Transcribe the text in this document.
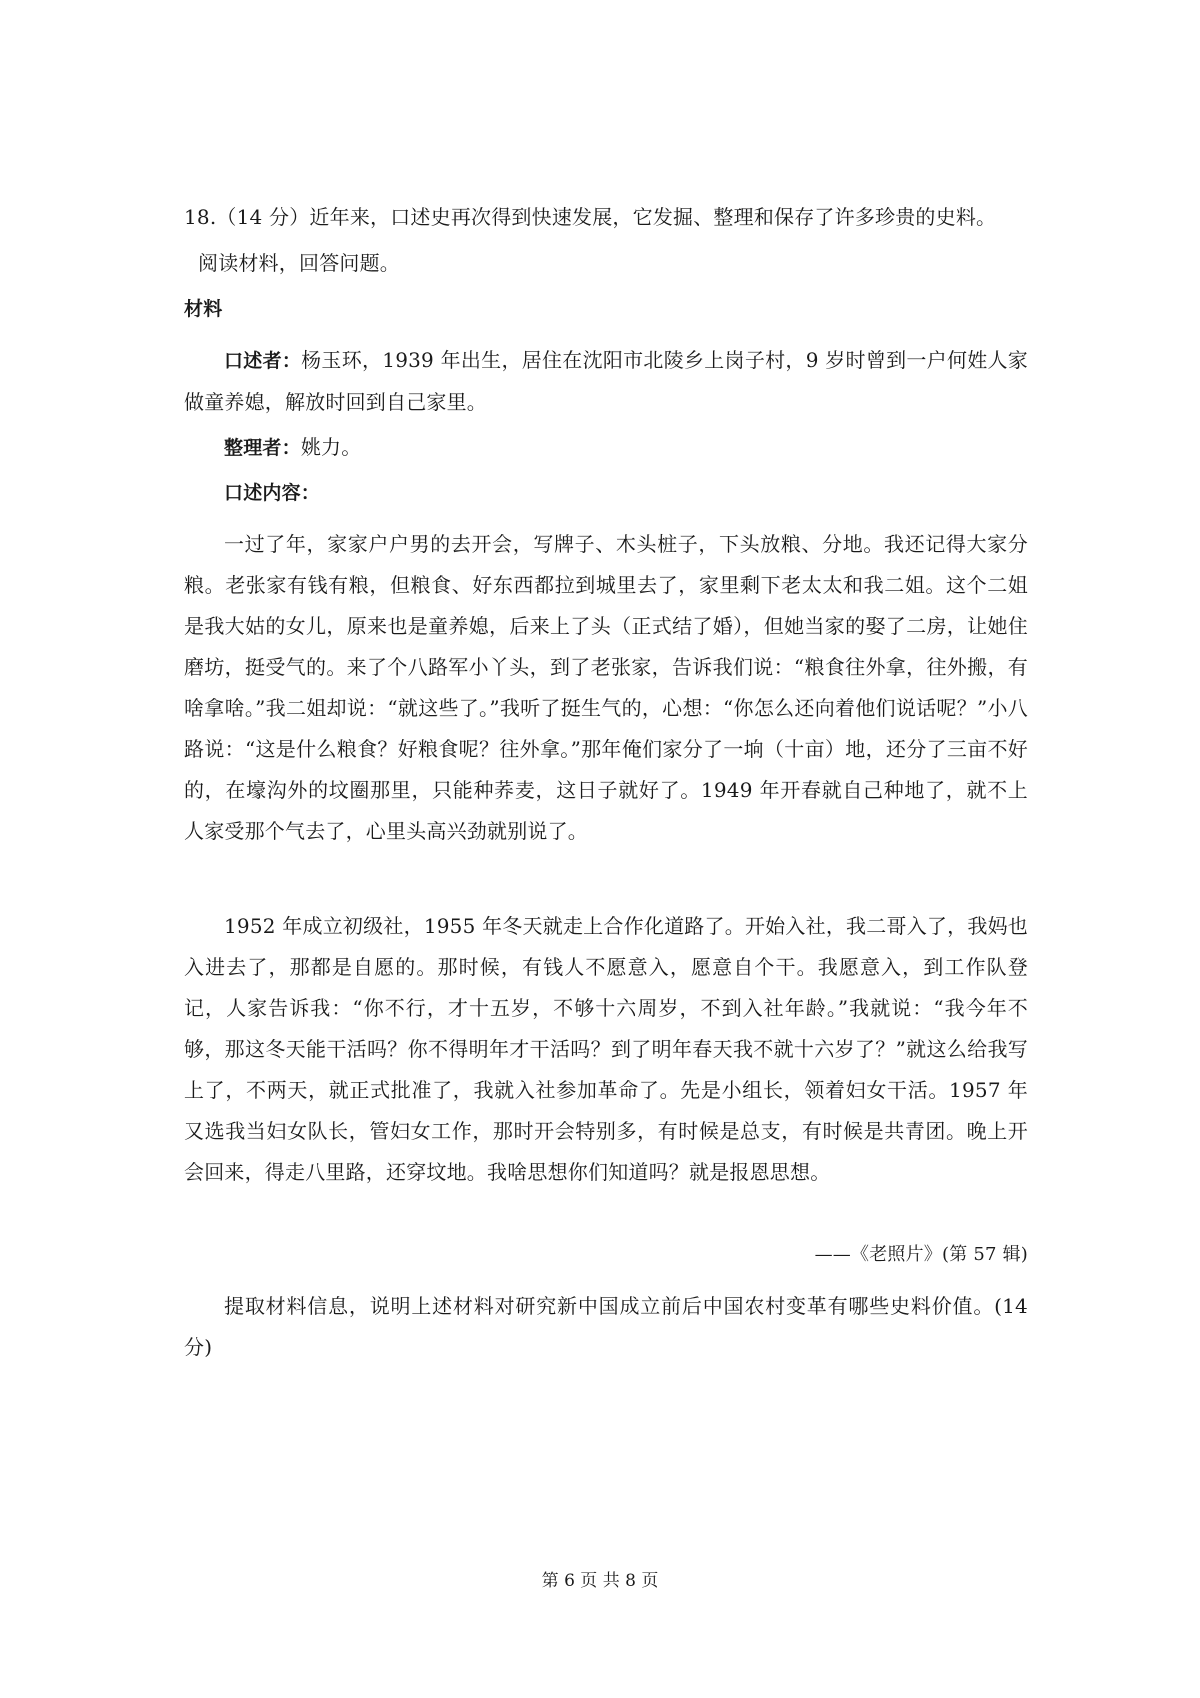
18.（14 分）近年来，口述史再次得到快速发展，它发掘、整理和保存了许多珍贵的史料。
阅读材料，回答问题。
材料
口述者：杨玉环，1939 年出生，居住在沈阳市北陵乡上岗子村，9 岁时曾到一户何姓人家做童养媳，解放时回到自己家里。
整理者：姚力。
口述内容：
一过了年，家家户户男的去开会，写牌子、木头桩子，下头放粮、分地。我还记得大家分粮。老张家有钱有粮，但粮食、好东西都拉到城里去了，家里剩下老太太和我二姐。这个二姐是我大姑的女儿，原来也是童养媳，后来上了头（正式结了婚），但她当家的娶了二房，让她住磨坊，挺受气的。来了个八路军小丫头，到了老张家，告诉我们说：“粮食往外拿，往外搬，有啥拿啥。”我二姐却说：“就这些了。”我听了挺生气的，心想：“你怎么还向着他们说话呢？”小八路说：“这是什么粮食？好粮食呢？往外拿。”那年俺们家分了一垧（十亩）地，还分了三亩不好的，在壕沟外的坟圈那里，只能种荞麦，这日子就好了。1949 年开春就自己种地了，就不上人家受那个气去了，心里头高兴劲就别说了。
1952 年成立初级社，1955 年冬天就走上合作化道路了。开始入社，我二哥入了，我妈也入进去了，那都是自愿的。那时候，有钱人不愿意入，愿意自个干。我愿意入，到工作队登记，人家告诉我：“你不行，才十五岁，不够十六周岁，不到入社年龄。”我就说：“我今年不够，那这冬天能干活吗？你不得明年才干活吗？到了明年春天我不就十六岁了？”就这么给我写上了，不两天，就正式批准了，我就入社参加革命了。先是小组长，领着妇女干活。1957 年又选我当妇女队长，管妇女工作，那时开会特别多，有时候是总支，有时候是共青团。晚上开会回来，得走八里路，还穿坟地。我啥思想你们知道吗？就是报恩思想。
——《老照片》(第 57 辑)
提取材料信息，说明上述材料对研究新中国成立前后中国农村变革有哪些史料价值。(14 分)
第 6 页 共 8 页
